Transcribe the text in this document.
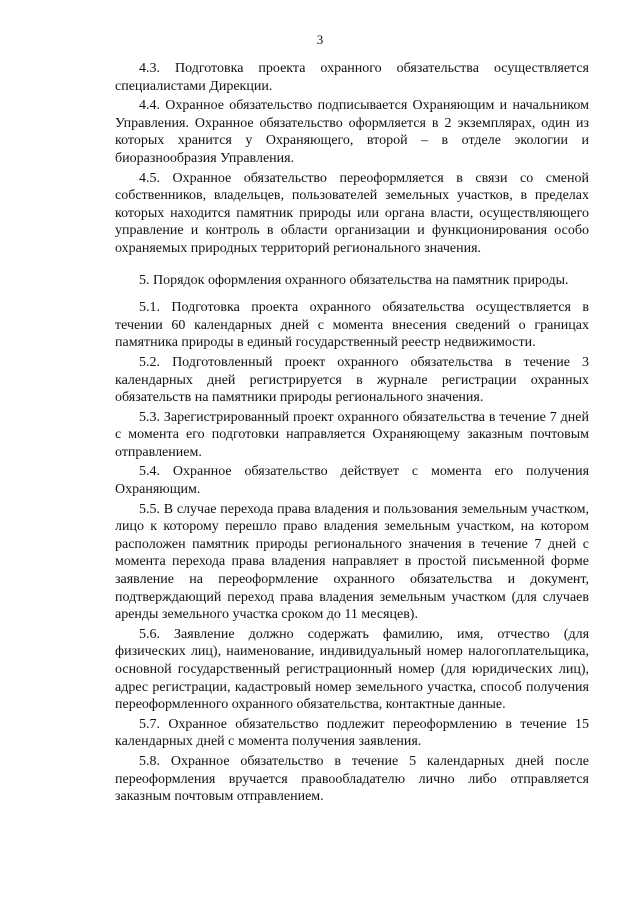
3

4.3. Подготовка проекта охранного обязательства осуществляется специалистами Дирекции.

4.4. Охранное обязательство подписывается Охраняющим и начальником Управления. Охранное обязательство оформляется в 2 экземплярах, один из которых хранится у Охраняющего, второй – в отделе экологии и биоразнообразия Управления.

4.5. Охранное обязательство переоформляется в связи со сменой собственников, владельцев, пользователей земельных участков, в пределах которых находится памятник природы или органа власти, осуществляющего управление и контроль в области организации и функционирования особо охраняемых природных территорий регионального значения.

5. Порядок оформления охранного обязательства на памятник природы.

5.1. Подготовка проекта охранного обязательства осуществляется в течении 60 календарных дней с момента внесения сведений о границах памятника природы в единый государственный реестр недвижимости.

5.2. Подготовленный проект охранного обязательства в течение 3 календарных дней регистрируется в журнале регистрации охранных обязательств на памятники природы регионального значения.

5.3. Зарегистрированный проект охранного обязательства в течение 7 дней с момента его подготовки направляется Охраняющему заказным почтовым отправлением.

5.4. Охранное обязательство действует с момента его получения Охраняющим.

5.5. В случае перехода права владения и пользования земельным участком, лицо к которому перешло право владения земельным участком, на котором расположен памятник природы регионального значения в течение 7 дней с момента перехода права владения направляет в простой письменной форме заявление на переоформление охранного обязательства и документ, подтверждающий переход права владения земельным участком (для случаев аренды земельного участка сроком до 11 месяцев).

5.6. Заявление должно содержать фамилию, имя, отчество (для физических лиц), наименование, индивидуальный номер налогоплательщика, основной государственный регистрационный номер (для юридических лиц), адрес регистрации, кадастровый номер земельного участка, способ получения переоформленного охранного обязательства, контактные данные.

5.7. Охранное обязательство подлежит переоформлению в течение 15 календарных дней с момента получения заявления.

5.8. Охранное обязательство в течение 5 календарных дней после переоформления вручается правообладателю лично либо отправляется заказным почтовым отправлением.
